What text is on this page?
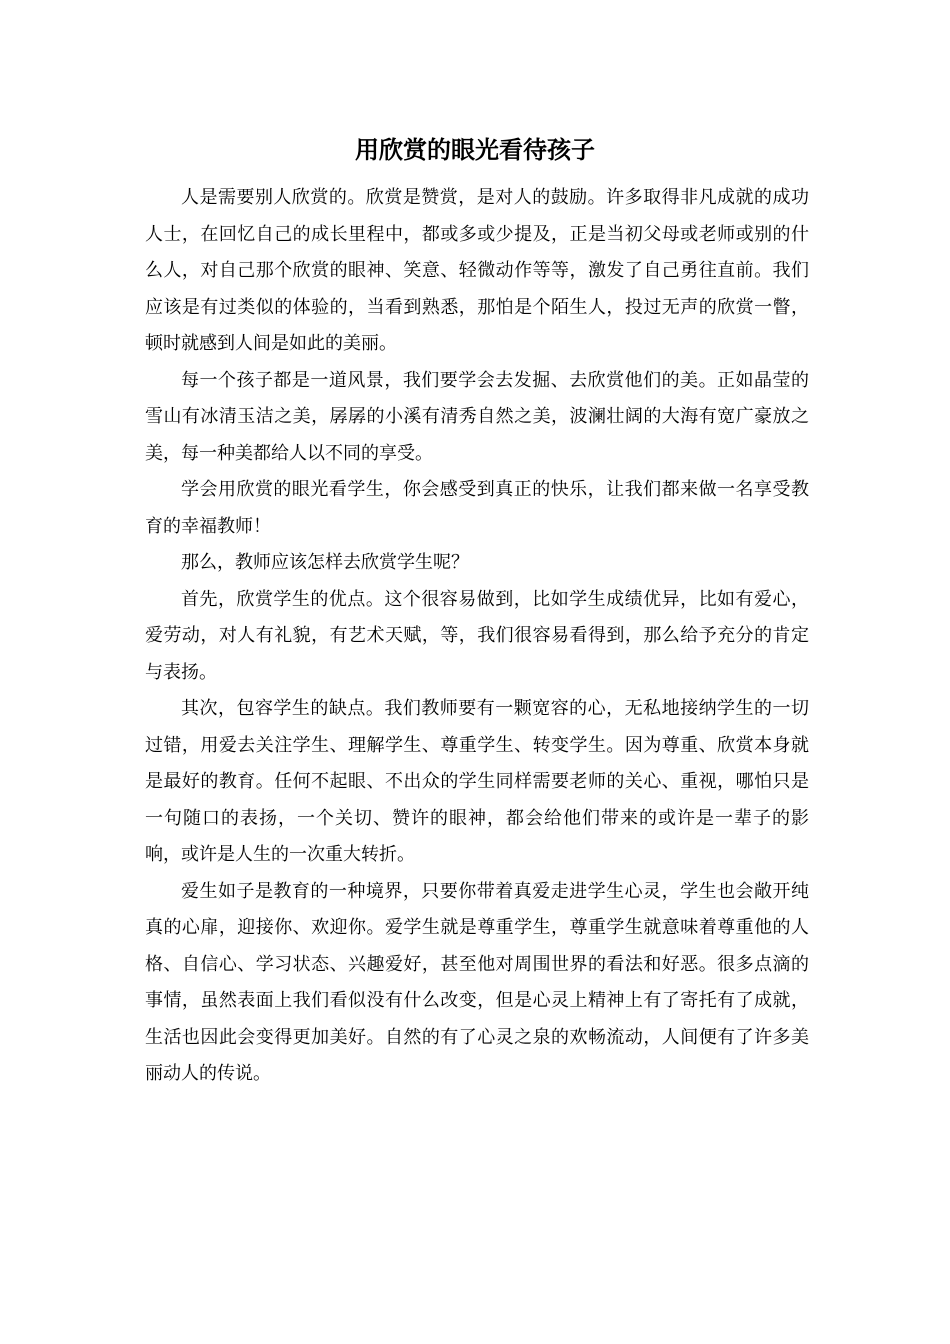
用欣赏的眼光看待孩子

人是需要别人欣赏的。欣赏是赞赏，是对人的鼓励。许多取得非凡成就的成功人士，在回忆自己的成长里程中，都或多或少提及，正是当初父母或老师或别的什么人，对自己那个欣赏的眼神、笑意、轻微动作等等，激发了自己勇往直前。我们应该是有过类似的体验的，当看到熟悉，那怕是个陌生人，投过无声的欣赏一瞥，顿时就感到人间是如此的美丽。

每一个孩子都是一道风景，我们要学会去发掘、去欣赏他们的美。正如晶莹的雪山有冰清玉洁之美，孱孱的小溪有清秀自然之美，波澜壮阔的大海有宽广豪放之美，每一种美都给人以不同的享受。

学会用欣赏的眼光看学生，你会感受到真正的快乐，让我们都来做一名享受教育的幸福教师！

那么，教师应该怎样去欣赏学生呢？

首先，欣赏学生的优点。这个很容易做到，比如学生成绩优异，比如有爱心，爱劳动，对人有礼貌，有艺术天赋，等，我们很容易看得到，那么给予充分的肯定与表扬。

其次，包容学生的缺点。我们教师要有一颗宽容的心，无私地接纳学生的一切过错，用爱去关注学生、理解学生、尊重学生、转变学生。因为尊重、欣赏本身就是最好的教育。任何不起眼、不出众的学生同样需要老师的关心、重视，哪怕只是一句随口的表扬，一个关切、赞许的眼神，都会给他们带来的或许是一辈子的影响，或许是人生的一次重大转折。

爱生如子是教育的一种境界，只要你带着真爱走进学生心灵，学生也会敞开纯真的心扉，迎接你、欢迎你。爱学生就是尊重学生，尊重学生就意味着尊重他的人格、自信心、学习状态、兴趣爱好，甚至他对周围世界的看法和好恶。很多点滴的事情，虽然表面上我们看似没有什么改变，但是心灵上精神上有了寄托有了成就，生活也因此会变得更加美好。自然的有了心灵之泉的欢畅流动，人间便有了许多美丽动人的传说。
